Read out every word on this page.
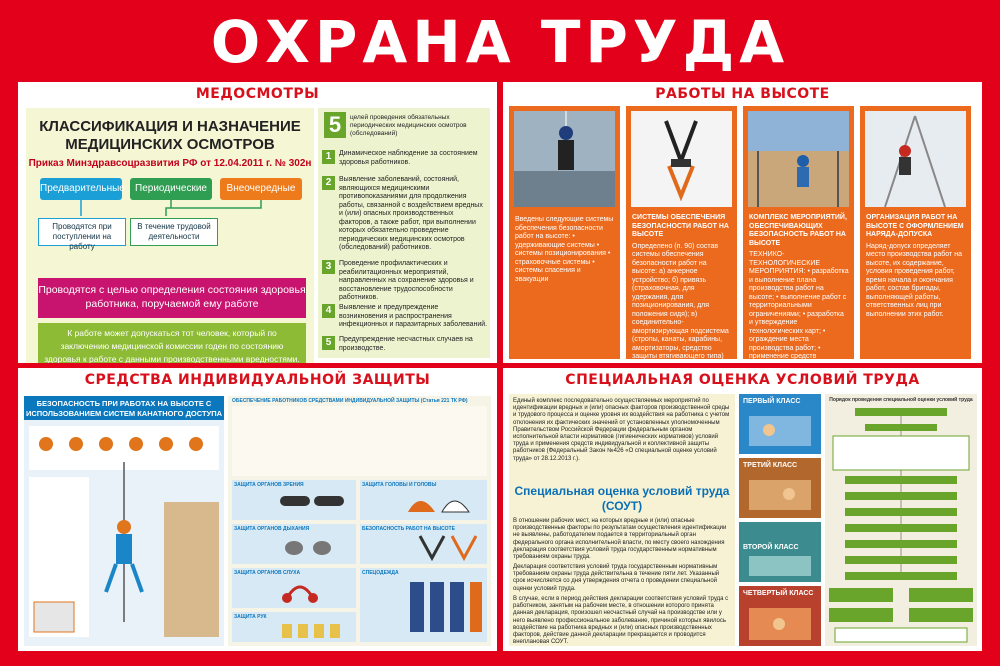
ОХРАНА ТРУДА
МЕДОСМОТРЫ
КЛАССИФИКАЦИЯ И НАЗНАЧЕНИЕ МЕДИЦИНСКИХ ОСМОТРОВ
Приказ Минздравсоцразвития РФ от 12.04.2011 г. № 302н
Предварительные	Периодические	Внеочередные
Проводятся при поступлении на работу
В течение трудовой деятельности
Проводятся с целью определения состояния здоровья работника, поручаемой ему работе
К работе может допускаться тот человек, который по заключению медицинской комиссии годен по состоянию здоровья к работе с данными производственными вредностями.
5	целей проведения обязательных периодических медицинских осмотров (обследований)
1	Динамическое наблюдение за состоянием здоровья работников.
2	Выявление заболеваний, состояний, являющихся медицинскими противопоказаниями для продолжения работы, связанной с воздействием вредных и (или) опасных производственных факторов, а также работ, при выполнении которых обязательно проведение периодических медицинских осмотров (обследований) работников.
3	Проведение профилактических и реабилитационных мероприятий, направленных на сохранение здоровья и восстановление трудоспособности работников.
4	Выявление и предупреждение возникновения и распространения инфекционных и паразитарных заболеваний.
5	Предупреждение несчастных случаев на производстве.
РАБОТЫ НА ВЫСОТЕ
Введены следующие системы обеспечения безопасности работ на высоте: • удерживающие системы • системы позиционирования • страховочные системы • системы спасения и эвакуации
СИСТЕМЫ ОБЕСПЕЧЕНИЯ БЕЗОПАСНОСТИ РАБОТ НА ВЫСОТЕ
Определено (п. 90) состав системы обеспечения безопасности работ на высоте: а) анкерное устройство; б) привязь (страховочная, для удержания, для позиционирования, для положения сидя); в) соединительно-амортизирующая подсистема (стропы, канаты, карабины, амортизаторы, средство защиты втягивающего типа)
КОМПЛЕКС МЕРОПРИЯТИЙ, ОБЕСПЕЧИВАЮЩИХ БЕЗОПАСНОСТЬ РАБОТ НА ВЫСОТЕ
ТЕХНИКО-ТЕХНОЛОГИЧЕСКИЕ МЕРОПРИЯТИЯ: • разработка и выполнение плана производства работ на высоте; • выполнение работ с территориальными ограничениями; • разработка и утверждение технологических карт; • ограждение места производства работ; • применение средств
ОРГАНИЗАЦИЯ РАБОТ НА ВЫСОТЕ С ОФОРМЛЕНИЕМ НАРЯДА-ДОПУСКА
Наряд-допуск определяет место производства работ на высоте, их содержание, условия проведения работ, время начала и окончания работ, состав бригады, выполняющей работы, ответственных лиц при выполнении этих работ.
СРЕДСТВА ИНДИВИДУАЛЬНОЙ ЗАЩИТЫ
БЕЗОПАСНОСТЬ ПРИ РАБОТАХ НА ВЫСОТЕ С ИСПОЛЬЗОВАНИЕМ СИСТЕМ КАНАТНОГО ДОСТУПА
ОБЕСПЕЧЕНИЕ РАБОТНИКОВ СРЕДСТВАМИ ИНДИВИДУАЛЬНОЙ ЗАЩИТЫ (Статья 221 ТК РФ)
ЗАЩИТА ОРГАНОВ ЗРЕНИЯ	ЗАЩИТА ГОЛОВЫ И ГОЛОВЫ
ЗАЩИТА ОРГАНОВ ДЫХАНИЯ	БЕЗОПАСНОСТЬ РАБОТ НА ВЫСОТЕ
ЗАЩИТА ОРГАНОВ СЛУХА	СПЕЦОДЕЖДА
ЗАЩИТА РУК
СПЕЦИАЛЬНАЯ ОЦЕНКА УСЛОВИЙ ТРУДА
Единый комплекс последовательно осуществляемых мероприятий по идентификации вредных и (или) опасных факторов производственной среды и трудового процесса и оценке уровня их воздействия на работника с учетом отклонения их фактических значений от установленных уполномоченным Правительством Российской Федерации федеральным органом исполнительной власти нормативов (гигиенических нормативов) условий труда и применения средств индивидуальной и коллективной защиты работников (Федеральный Закон №426 «О специальной оценке условий труда» от 28.12.2013 г.).
Специальная оценка условий труда (СОУТ)
В отношении рабочих мест, на которых вредные и (или) опасные производственные факторы по результатам осуществления идентификации не выявлены, работодателем подается в территориальный орган федерального органа исполнительной власти, по месту своего нахождения декларация соответствия условий труда государственным нормативным требованиям охраны труда.
Декларация соответствия условий труда государственным нормативным требованиям охраны труда действительна в течение пяти лет. Указанный срок исчисляется со дня утверждения отчета о проведении специальной оценки условий труда.
В случае, если в период действия декларации соответствия условий труда с работником, занятым на рабочем месте, в отношении которого принята данная декларация, произошел несчастный случай на производстве или у него выявлено профессиональное заболевание, причиной которых явилось воздействие на работника вредных и (или) опасных производственных факторов, действие данной декларации прекращается и проводится внеплановая СОУТ.
ПЕРВЫЙ КЛАСС
ТРЕТИЙ КЛАСС
ВТОРОЙ КЛАСС
ЧЕТВЕРТЫЙ КЛАСС
Порядок проведения специальной оценки условий труда
